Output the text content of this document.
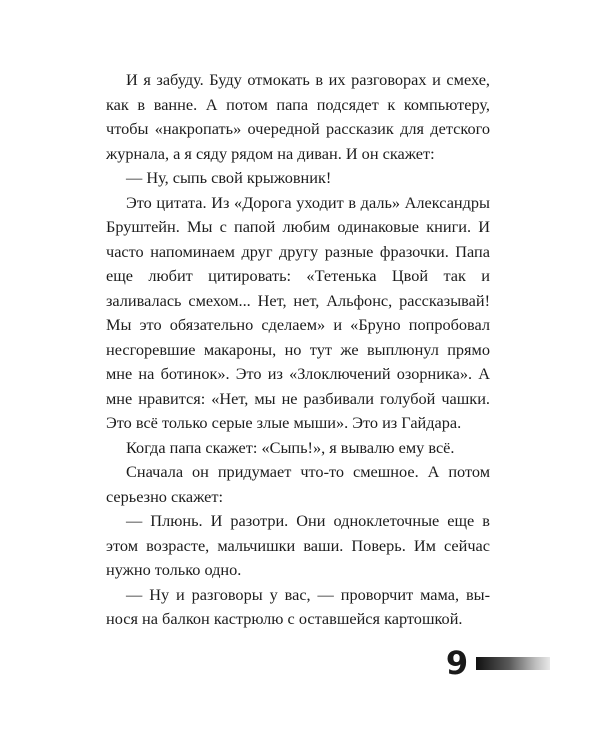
И я забуду. Буду отмокать в их разговорах и смехе, как в ванне. А потом папа подсядет к компьютеру, чтобы «накропать» очередной рассказик для детского журнала, а я сяду рядом на диван. И он скажет:

— Ну, сыпь свой крыжовник!

Это цитата. Из «Дорога уходит в даль» Александры Бруштейн. Мы с папой любим одинаковые книги. И часто напоминаем друг другу разные фразочки. Папа еще любит цитировать: «Тетенька Цвой так и заливалась смехом... Нет, нет, Альфонс, рассказывай! Мы это обязательно сделаем» и «Бруно попробовал несгоревшие макароны, но тут же выплюнул прямо мне на ботинок». Это из «Злоключений озорника». А мне нравится: «Нет, мы не разбивали голубой чашки. Это всё только серые злые мыши». Это из Гайдара.

Когда папа скажет: «Сыпь!», я вывалю ему всё.

Сначала он придумает что-то смешное. А потом серьезно скажет:

— Плюнь. И разотри. Они одноклеточные еще в этом возрасте, мальчишки ваши. Поверь. Им сейчас нужно только одно.

— Ну и разговоры у вас, — проворчит мама, вынося на балкон кастрюлю с оставшейся картошкой.

9
